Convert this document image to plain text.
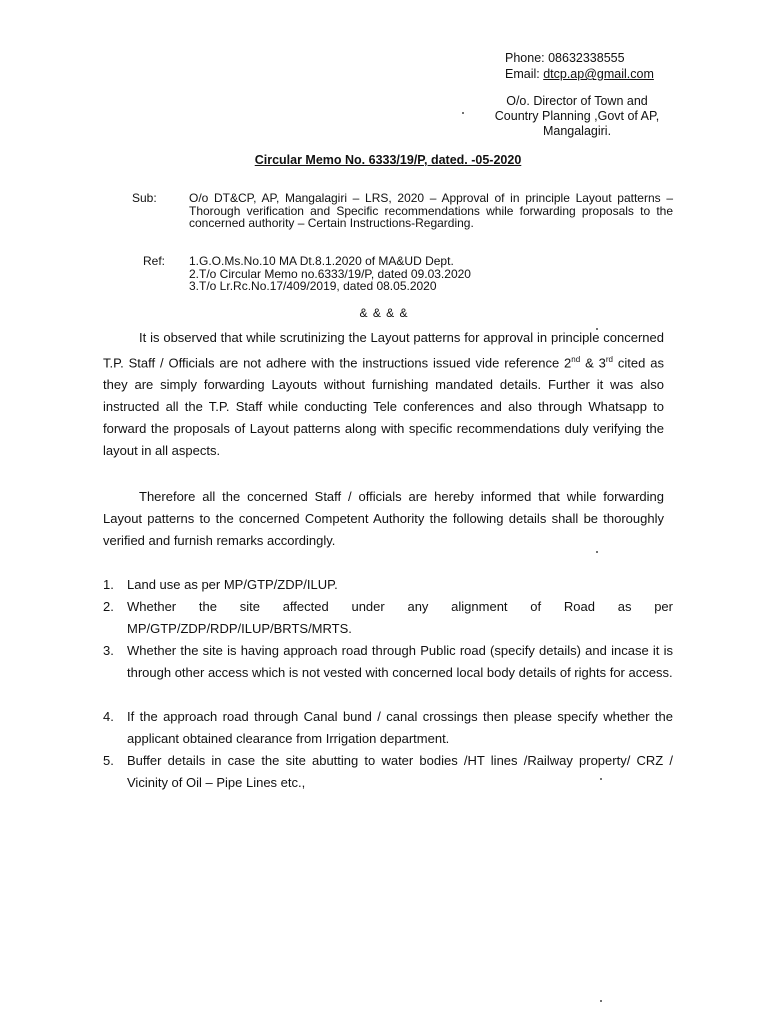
Phone: 08632338555
Email: dtcp.ap@gmail.com
O/o. Director of Town and
Country Planning ,Govt of AP,
Mangalagiri.
Circular Memo No. 6333/19/P, dated. -05-2020
Sub:	O/o DT&CP, AP, Mangalagiri – LRS, 2020 – Approval of in principle Layout patterns – Thorough verification and Specific recommendations while forwarding proposals to the concerned authority – Certain Instructions-Regarding.
Ref: 1.G.O.Ms.No.10 MA Dt.8.1.2020 of MA&UD Dept.
2.T/o Circular Memo no.6333/19/P, dated 09.03.2020
3.T/o Lr.Rc.No.17/409/2019, dated 08.05.2020
& & & &
It is observed that while scrutinizing the Layout patterns for approval in principle concerned T.P. Staff / Officials are not adhere with the instructions issued vide reference 2nd & 3rd cited as they are simply forwarding Layouts without furnishing mandated details. Further it was also instructed all the T.P. Staff while conducting Tele conferences and also through Whatsapp to forward the proposals of Layout patterns along with specific recommendations duly verifying the layout in all aspects.
Therefore all the concerned Staff / officials are hereby informed that while forwarding Layout patterns to the concerned Competent Authority the following details shall be thoroughly verified and furnish remarks accordingly.
1. Land use as per MP/GTP/ZDP/ILUP.
2. Whether the site affected under any alignment of Road as per MP/GTP/ZDP/RDP/ILUP/BRTS/MRTS.
3. Whether the site is having approach road through Public road (specify details) and incase it is through other access which is not vested with concerned local body details of rights for access.
4. If the approach road through Canal bund / canal crossings then please specify whether the applicant obtained clearance from Irrigation department.
5. Buffer details in case the site abutting to water bodies /HT lines /Railway property/ CRZ / Vicinity of Oil – Pipe Lines etc.,
